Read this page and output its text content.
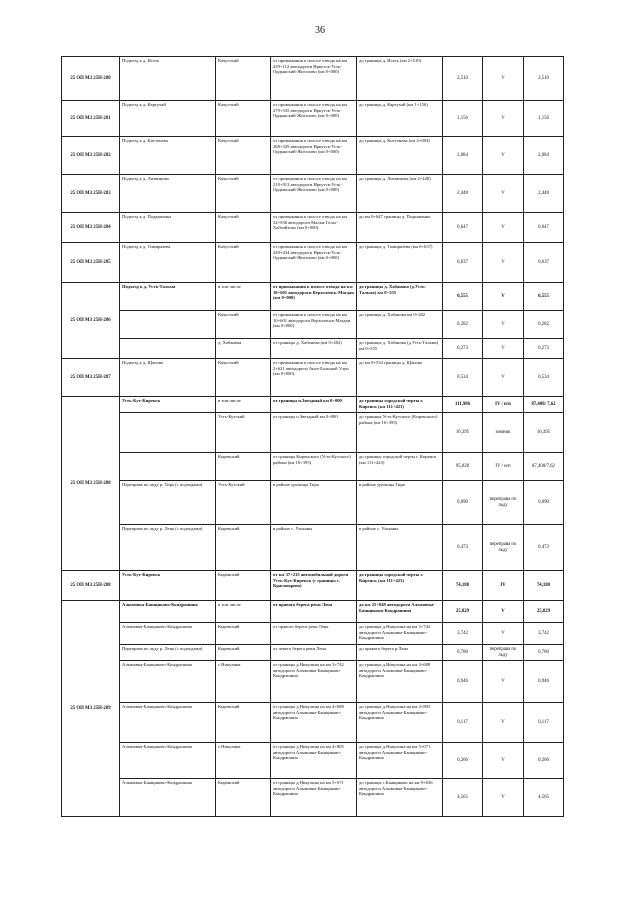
36
25 ОП МЗ 25Н-280	Подъезд к д. Исеть	Качугский	от примыкания к полосе отвода на км 239+112 автодороги Иркутск-Усть-Ордынский-Жигалово (км 0+000)	до границы д. Исеть (км 2+510)	2,510	V	2,510
25 ОП МЗ 25Н-281	Подъезд к д. Картухай	Качугский	от примыкания к полосе отвода на км 279+535 автодороги Иркутск-Усть-Ордынский-Жигалово (км 0+000)	до границы д. Картухай (км 1+156)	1,156	V	1,156
25 ОП МЗ 25Н-282	Подъезд к д. Кистенева	Качугский	от примыкания к полосе отвода на км 268+329 автодороги Иркутск-Усть-Ордынский-Жигалово (км 0+000)	до границы д. Кистенева (км 2+084)	2,084	V	2,084
25 ОП МЗ 25Н-283	Подъезд к д. Литвинова	Качугский	от примыкания к полосе отвода на км 210+913 автодороги Иркутск-Усть-Ордынский-Жигалово (км 0+000)	до границы д. Литвинова (км 2+448)	2,448	V	2,448
25 ОП МЗ 25Н-284	Подъезд к д. Подкаменка	Качугский	от примыкания к полосе отвода на км 32+936 автодороги Малые Голы-Хабхайтово (км 0+000)	до км 0+647 границы д. Подкаменка	0,647	V	0,647
25 ОП МЗ 25Н-285	Подъезд к д. Тимирязева	Качугский	от примыкания к полосе отвода на км 249+434 автодороги Иркутск-Усть-Ордынский-Жигалово (км 0+000)	до границы д. Тимирязева (км 0+637)	0,637	V	0,637
25 ОП МЗ 25Н-286	Подъезд к д. Усть-Тальма	в том числе	от примыкания к полосе отвода на км 10+601 автодороги Верхоленск-Магдан (км 0+000)	до границы д. Хабанова (д.Усть-Тальма) км 0+555	0,555	V	0,555
		Качугский	от примыкания к полосе отвода на км 10+601 автодороги Верхоленск-Магдан (км 0+000)	до границы д. Хабанова км 0+282	0,282	V	0,282
		д. Хабанова	от границы д. Хабанова (км 0+282)	до границы д. Хабанова (д.Усть-Тальма) км 0+555	0,273	V	0,273
25 ОП МЗ 25Н-287	Подъезд к д. Щапова	Качугский	от примыкания к полосе отвода на км 2+621 автодороги Анга-Большой Улун (км 0+000)	до км 0+534 границы д. Щапова	0,534	V	0,534
25 ОП МЗ 25Н-288	Усть-Кут-Киренск	в том числе	от границы п.Звездный км 0+000	до границы городской черты г. Киренск (км 111+423)	111,986	IV / н/п	87,408/ 7,62
		Усть-Кутский	от границы п.Звездный км 0+000	до границы Усть-Кутского (Киренского) района (км 16+395)	16,395	зимник	16,395
		Киренский	от границы Киренского (Усть-Кутского) района (км 16+395)	до границы городской черты г. Киренск (км 111+423)	95,028	IV / н/п	87,408/7,62
	Переправа по льду р. Тира (с подходами)	Усть-Кутский	в районе урочища Тира	в районе урочища Тира	0,090	переправа по льду	0,090
	Переправа по льду р. Лена (с подходами)	Киренский	в районе с. Ульканы	в районе с. Ульканы	0,473	переправа по льду	0,473
25 ОП МЗ 25Н-288	Усть-Кут-Киренск	Киренский	от км 37+235 автомобильной дороги Усть-Кут-Киренск (с границы с. Красноярово)	до границы городской черты г. Киренск (км 111+423)	74,188	IV	74,188
25 ОП МЗ 25Н-289	Алымовка-Банщиково-Кондрашина	в том числе	от правого берега реки Лена	до км 25+049 автодороги Алымовка-Банщиково-Кондрашина	25,829	V	25,829
	Алымовка-Банщиково-Кондрашина	Киренский	от правого берега реки Лена	до границы д.Никулина на км 3+742 автодороги Алымовка-Банщиково-Кондрашина	3,742	V	3,742
	Переправа по льду р. Лена (с подходами)	Киренский	от левого берега реки Лена	до правого берега р.Лена	0,780	переправа по льду	0,780
	Алымовка-Банщиково-Кондрашина	с.Никулина	от границы д.Никулина на км 3+742 автодороги Алымовка-Банщиково-Кондрашина	до границы д.Никулина на км 4+688 автодороги Алымовка-Банщиково-Кондрашина	0,946	V	0,946
	Алымовка-Банщиково-Кондрашина	Киренский	от границы д.Никулина на км 4+688 автодороги Алымовка-Банщиково-Кондрашина	до границы д.Никулина на км 4+805 автодороги Алымовка-Банщиково-Кондрашина	0,117	V	0,117
	Алымовка-Банщиково-Кондрашина	с.Никулина	от границы д.Никулина на км 4+805 автодороги Алымовка-Банщиково-Кондрашина	до границы д.Никулина на км 5+071 автодороги Алымовка-Банщиково-Кондрашина	0,266	V	0,266
	Алымовка-Банщиково-Кондрашина	Киренский	от границы д.Никулина на км 5+071 автодороги Алымовка-Банщиково-Кондрашина	до границы с.Банщиково на км 9+636 автодороги Алымовка-Банщиково-Кондрашина	4,565	V	4,565
